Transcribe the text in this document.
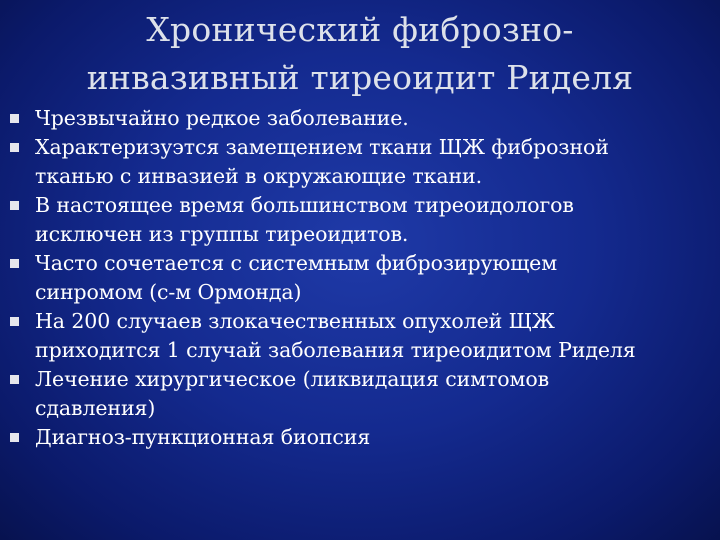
Хронический фиброзно-
инвазивный тиреоидит Риделя
Чрезвычайно редкое заболевание.
Характеризуэтся замещением ткани ЩЖ фиброзной
тканью с инвазией в окружающие ткани.
В настоящее время большинством тиреоидологов
исключен из группы тиреоидитов.
Часто сочетается с системным фиброзирующем
синромом (с-м Ормонда)
На 200 случаев злокачественных опухолей ЩЖ
приходится 1 случай заболевания тиреоидитом Риделя
Лечение хирургическое (ликвидация симтомов
сдавления)
Диагноз-пункционная биопсия
